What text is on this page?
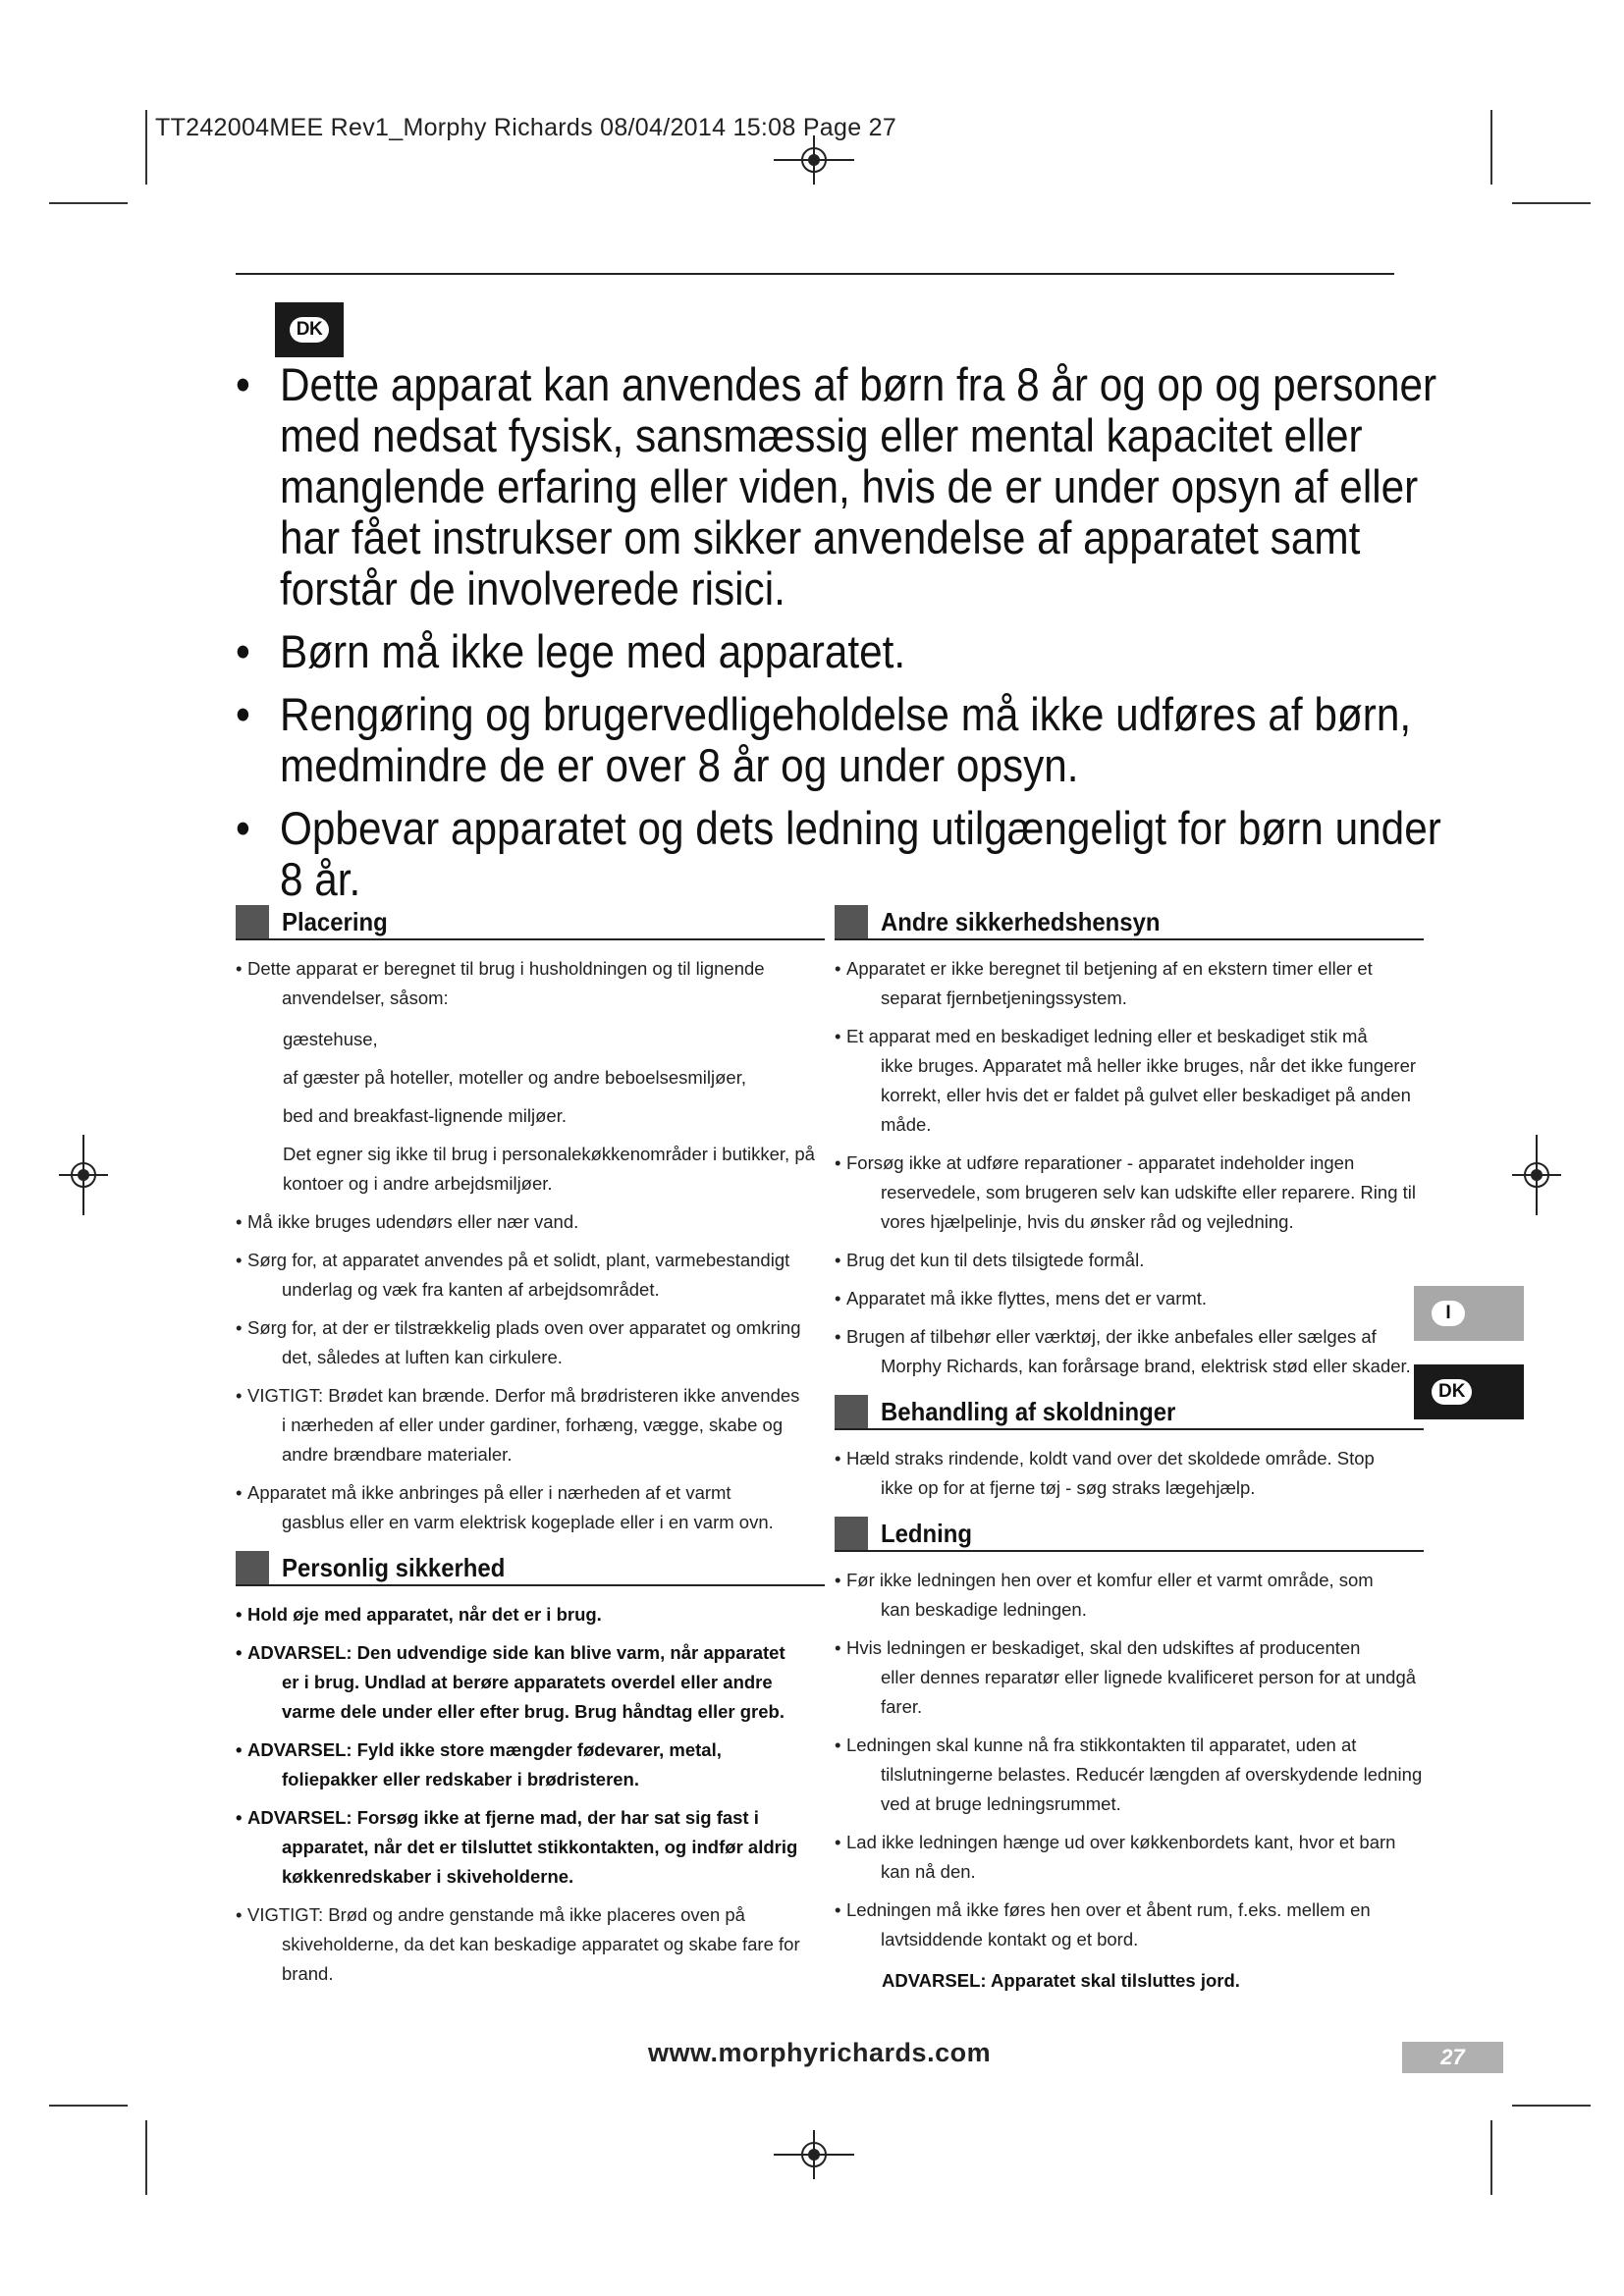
TT242004MEE Rev1_Morphy Richards 08/04/2014 15:08 Page 27
DK
• Dette apparat kan anvendes af børn fra 8 år og op og personer med nedsat fysisk, sansmæssig eller mental kapacitet eller manglende erfaring eller viden, hvis de er under opsyn af eller har fået instrukser om sikker anvendelse af apparatet samt forstår de involverede risici.
• Børn må ikke lege med apparatet.
• Rengøring og brugervedligeholdelse må ikke udføres af børn, medmindre de er over 8 år og under opsyn.
• Opbevar apparatet og dets ledning utilgængeligt for børn under 8 år.
Placering
• Dette apparat er beregnet til brug i husholdningen og til lignende
anvendelser, såsom:
gæstehuse,
af gæster på hoteller, moteller og andre beboelsesmiljøer,
bed and breakfast-lignende miljøer.
Det egner sig ikke til brug i personalekøkkenområder i butikker, på kontoer og i andre arbejdsmiljøer.
• Må ikke bruges udendørs eller nær vand.
• Sørg for, at apparatet anvendes på et solidt, plant, varmebestandigt
underlag og væk fra kanten af arbejdsområdet.
• Sørg for, at der er tilstrækkelig plads oven over apparatet og omkring
det, således at luften kan cirkulere.
• VIGTIGT: Brødet kan brænde. Derfor må brødristeren ikke anvendes
i nærheden af eller under gardiner, forhæng, vægge, skabe og andre brændbare materialer.
• Apparatet må ikke anbringes på eller i nærheden af et varmt
gasblus eller en varm elektrisk kogeplade eller i en varm ovn.
Personlig sikkerhed
• Hold øje med apparatet, når det er i brug.
• ADVARSEL: Den udvendige side kan blive varm, når apparatet
er i brug. Undlad at berøre apparatets overdel eller andre varme dele under eller efter brug. Brug håndtag eller greb.
• ADVARSEL: Fyld ikke store mængder fødevarer, metal,
foliepakker eller redskaber i brødristeren.
• ADVARSEL: Forsøg ikke at fjerne mad, der har sat sig fast i
apparatet, når det er tilsluttet stikkontakten, og indfør aldrig køkkenredskaber i skiveholderne.
• VIGTIGT: Brød og andre genstande må ikke placeres oven på
skiveholderne, da det kan beskadige apparatet og skabe fare for brand.
Andre sikkerhedshensyn
• Apparatet er ikke beregnet til betjening af en ekstern timer eller et
separat fjernbetjeningssystem.
• Et apparat med en beskadiget ledning eller et beskadiget stik må
ikke bruges. Apparatet må heller ikke bruges, når det ikke fungerer korrekt, eller hvis det er faldet på gulvet eller beskadiget på anden måde.
• Forsøg ikke at udføre reparationer - apparatet indeholder ingen
reservedele, som brugeren selv kan udskifte eller reparere. Ring til vores hjælpelinje, hvis du ønsker råd og vejledning.
• Brug det kun til dets tilsigtede formål.
• Apparatet må ikke flyttes, mens det er varmt.
• Brugen af tilbehør eller værktøj, der ikke anbefales eller sælges af
Morphy Richards, kan forårsage brand, elektrisk stød eller skader.
Behandling af skoldninger
• Hæld straks rindende, koldt vand over det skoldede område. Stop
ikke op for at fjerne tøj - søg straks lægehjælp.
Ledning
• Før ikke ledningen hen over et komfur eller et varmt område, som
kan beskadige ledningen.
• Hvis ledningen er beskadiget, skal den udskiftes af producenten
eller dennes reparatør eller lignede kvalificeret person for at undgå farer.
• Ledningen skal kunne nå fra stikkontakten til apparatet, uden at
tilslutningerne belastes. Reducér længden af overskydende ledning ved at bruge ledningsrummet.
• Lad ikke ledningen hænge ud over køkkenbordets kant, hvor et barn
kan nå den.
• Ledningen må ikke føres hen over et åbent rum, f.eks. mellem en
lavtsiddende kontakt og et bord.
ADVARSEL: Apparatet skal tilsluttes jord.
I
DK
www.morphyrichards.com	27
